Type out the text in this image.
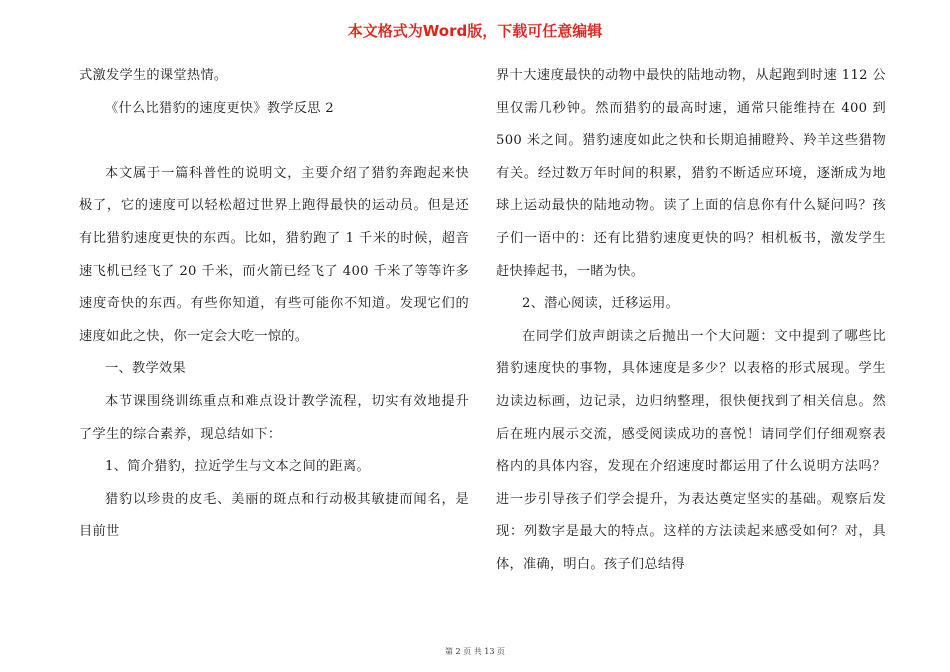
本文格式为Word版，下载可任意编辑

式激发学生的课堂热情。

《什么比猎豹的速度更快》教学反思 2

本文属于一篇科普性的说明文，主要介绍了猎豹奔跑起来快极了，它的速度可以轻松超过世界上跑得最快的运动员。但是还有比猎豹速度更快的东西。比如，猎豹跑了 1 千米的时候，超音速飞机已经飞了 20 千米，而火箭已经飞了 400 千米了等等许多速度奇快的东西。有些你知道，有些可能你不知道。发现它们的速度如此之快，你一定会大吃一惊的。

一、教学效果

本节课围绕训练重点和难点设计教学流程，切实有效地提升了学生的综合素养，现总结如下：

1、简介猎豹，拉近学生与文本之间的距离。

猎豹以珍贵的皮毛、美丽的斑点和行动极其敏捷而闻名，是目前世

界十大速度最快的动物中最快的陆地动物，从起跑到时速 112 公里仅需几秒钟。然而猎豹的最高时速，通常只能维持在 400 到 500 米之间。猎豹速度如此之快和长期追捕瞪羚、羚羊这些猎物有关。经过数万年时间的积累，猎豹不断适应环境，逐渐成为地球上运动最快的陆地动物。读了上面的信息你有什么疑问吗？孩子们一语中的：还有比猎豹速度更快的吗？相机板书，激发学生赶快捧起书，一睹为快。

2、潜心阅读，迁移运用。

在同学们放声朗读之后抛出一个大问题：文中提到了哪些比猎豹速度快的事物，具体速度是多少？以表格的形式展现。学生边读边标画，边记录，边归纳整理，很快便找到了相关信息。然后在班内展示交流，感受阅读成功的喜悦！请同学们仔细观察表格内的具体内容，发现在介绍速度时都运用了什么说明方法吗？进一步引导孩子们学会提升，为表达奠定坚实的基础。观察后发现：列数字是最大的特点。这样的方法读起来感受如何？对，具体，准确，明白。孩子们总结得

第 2 页 共 13 页
